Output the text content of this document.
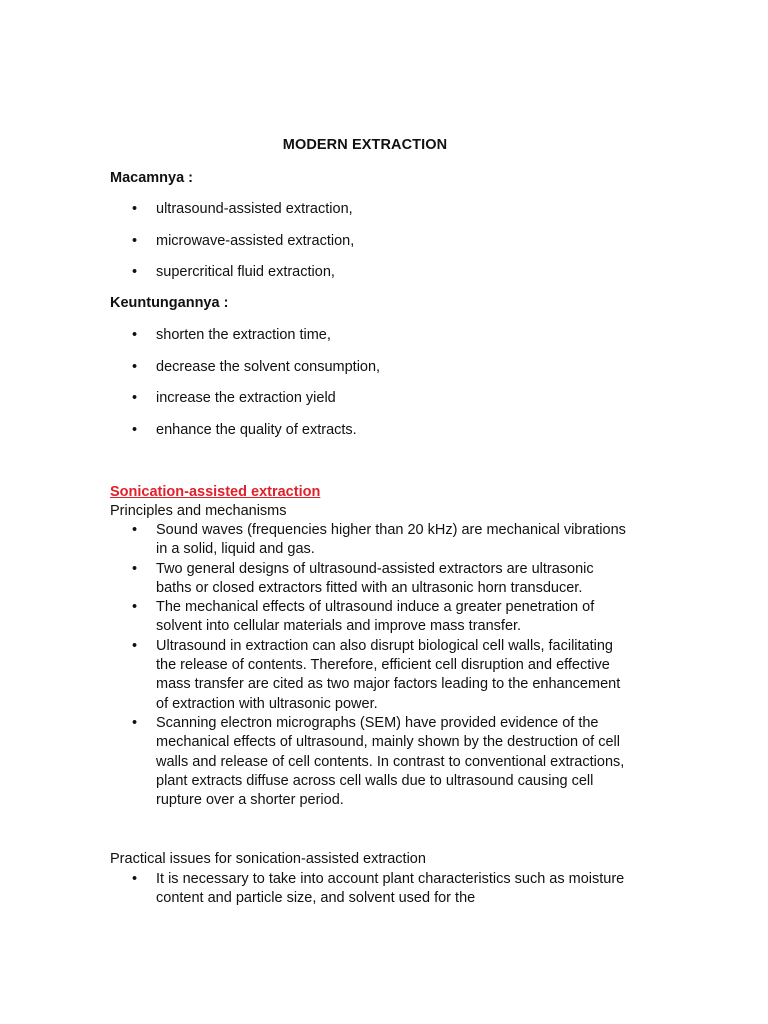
MODERN EXTRACTION
Macamnya :
• ultrasound-assisted extraction,
• microwave-assisted extraction,
• supercritical fluid extraction,
Keuntungannya :
• shorten the extraction time,
• decrease the solvent consumption,
• increase the extraction yield
• enhance the quality of extracts.
Sonication-assisted extraction
Principles and mechanisms
• Sound waves (frequencies higher than 20 kHz) are mechanical vibrations in a solid, liquid and gas.
• Two general designs of ultrasound-assisted extractors are ultrasonic baths or closed extractors fitted with an ultrasonic horn transducer.
• The mechanical effects of ultrasound induce a greater penetration of solvent into cellular materials and improve mass transfer.
• Ultrasound in extraction can also disrupt biological cell walls, facilitating the release of contents. Therefore, efficient cell disruption and effective mass transfer are cited as two major factors leading to the enhancement of extraction with ultrasonic power.
• Scanning electron micrographs (SEM) have provided evidence of the mechanical effects of ultrasound, mainly shown by the destruction of cell walls and release of cell contents. In contrast to conventional extractions, plant extracts diffuse across cell walls due to ultrasound causing cell rupture over a shorter period.
Practical issues for sonication-assisted extraction
• It is necessary to take into account plant characteristics such as moisture content and particle size, and solvent used for the
